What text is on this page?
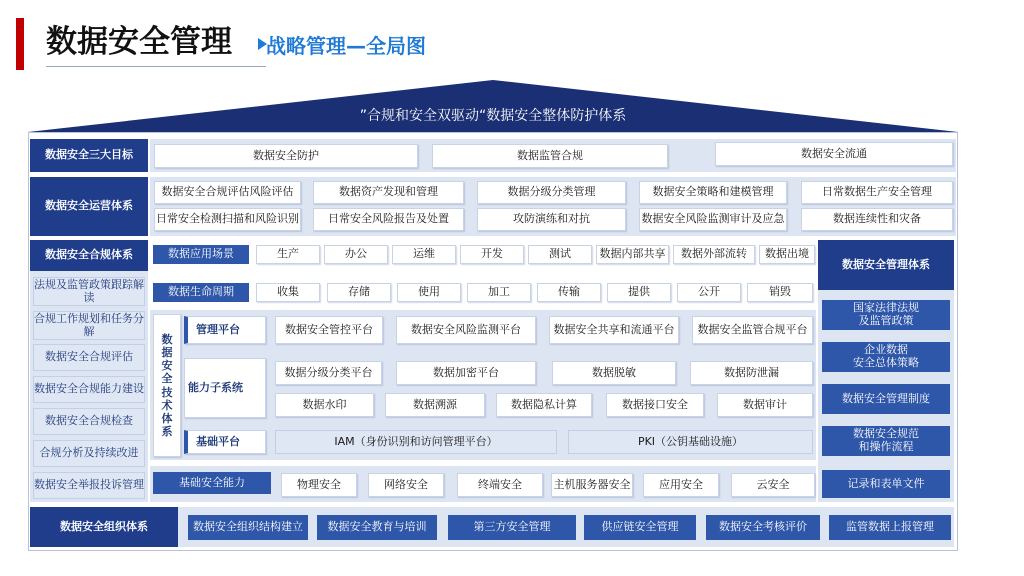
数据安全管理 战略管理—全局图
”合规和安全双驱动“数据安全整体防护体系
数据安全三大目标	数据安全防护	数据监管合规	数据安全流通
数据安全运营体系
数据安全合规评估风险评估	数据资产发现和管理	数据分级分类管理	数据安全策略和建模管理	日常数据生产安全管理
日常安全检测扫描和风险识别	日常安全风险报告及处置	攻防演练和对抗	数据安全风险监测审计及应急	数据连续性和灾备
数据安全合规体系
法规及监管政策跟踪解读
合规工作规划和任务分解
数据安全合规评估
数据安全合规能力建设
数据安全合规检查
合规分析及持续改进
数据安全举报投诉管理
数据安全管理体系
国家法律法规
及监管政策
企业数据
安全总体策略
数据安全管理制度
数据安全规范
和操作流程
记录和表单文件
数据应用场景	生产	办公	运维	开发	测试	数据内部共享	数据外部流转	数据出境
数据生命周期	收集	存储	使用	加工	传输	提供	公开	销毁
数据安全技术体系
管理平台	数据安全管控平台	数据安全风险监测平台	数据安全共享和流通平台	数据安全监管合规平台
能力子系统
数据分级分类平台	数据加密平台	数据脱敏	数据防泄漏
数据水印	数据溯源	数据隐私计算	数据接口安全	数据审计
基础平台	IAM（身份识别和访问管理平台）	PKI（公钥基础设施）
基础安全能力	物理安全	网络安全	终端安全	主机服务器安全	应用安全	云安全
数据安全组织体系	数据安全组织结构建立	数据安全教育与培训	第三方安全管理	供应链安全管理	数据安全考核评价	监管数据上报管理
